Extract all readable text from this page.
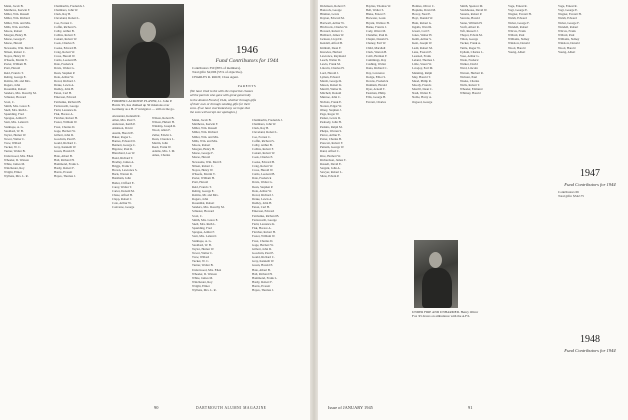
Mann, Jacob B.
Matthews, Kerwin F.
Miller, Wm. Russell
Miller, Wm. Richard
Miller, Wm. and Mrs.
Mills, Wm. and Mrs.
Moore, Robert
Morgan, Henry H.
Morse, George F.
Morse, Harold
Newsome, Wm. Mott P.
Nilsen, Robert C.
Noyes, Henry W.
O'Keefe, Martin V.
Porter, William H.
Pratt, Harold
Reid, Francis T.
Rehrig, George E.
Robins, Mr. and Mrs.
Rogers, John
Rosenthal, Robert
Sanders, Mrs. Dorothy M.
Schuster, Howard
Scott, C.
Smith, Mrs. Grace E.
Snell, Mrs. Ruth L.
Spaulding, Fred
Sprague, Arthur F.
Stair, Mrs. Leland J.
Stanhope, A. G.
Stoddard, W. B.
Taylor, Homer W.
Tower, Walter C.
Trow, Willard
Tucker, W. C.
Turner, Walter B.
Underwood, Mrs. Ellen
Wheeler, D. Watson
White, James M.
Winchester, Roy
Wright, Elmer
Wyllens, Mrs. L. R.
Chamberlin, Frederick J.
Chambers, John W.
Clark, Ray B.
Cleveland, Robert L.
Coe, Forrest C.
Coffin, Richard S.
Colby, Arthur B.
Collins, Robert F.
Conant, Robert W.
Cook, Charles E.
Cooke, Edward B.
Craig, Robert W.
Cross, Harold W.
Curtis, Leonard B.
Dale, Frederick
Davis, Walter G.
Dean, Stephen P.
Dole, Arthur W.
Dowd, Richard J.
Drake, Lewis A.
Dudley, John H.
Eaton, Carl H.
Emerson, Edward
Fairbanks, Richard B.
Farnsworth, George
Field, Laurence K.
Fisk, Horace A.
Fletcher, Robert H.
Foster, William W.
Frost, Charles D.
Gage, Herbert W.
Gilbert, John D.
Goodwin, Paul E.
Gould, Richard C.
Gray, Kenneth W.
Green, Harold E.
Hale, Albert B.
Hall, Richard H.
Hammond, Frank L.
Hardy, Robert F.
Harris, Everett
Hayes, Thomas J.
FORMER LACROSSE PLAYER, Lt. John P.
Harris '45, has chalked up 50 missions over
Germany as a B-17 navigator — still on the go.
Alexander, Kenneth R.
Allen, Mrs. Paul T.
Anderson, Keith P.
Atkinson, David
Austin, Harold E.
Baker, Roger L.
Barnes, Edward D.
Bennett, George C.
Bigelow, Paul R.
Blanchard, Lee W.
Bond, Richard T.
Bradley, James A.
Briggs, Frank T.
Brown, Lawrence S.
Buck, Warren R.
Burnham, John
Butler, Clifford E.
Carey, Walter T.
Carter, Donald M.
Chase, Alfred H.
Clapp, Robert J.
Cole, Arthur W.
Converse, George
1946
Fund Contributors for 1944
Contributors 350 (89% of members).
Total gifts: $2,006 (55% of objective).
CHARLES R. ROOT, Class Agent.
PARENTS
(We have tried to list with the respective classes
all the parents who gave with great generosity
to the Alumni Fund of 1944, whether through gifts
of their own or through sending gifts for their
sons. If we have overlooked any we hope that
the sons will accept our apologies.)
Wilson, Robert B.
Wilson, Hubert H.
Winship, Joseph R.
Wood, Allen F.
Zeller, Edwin L.
Dean, Clarence L.
Martin, John
Reed, Frank W.
Adams, Mrs. J. M.
Ames, Charles
Mann, Jacob B.
Matthews, Kerwin F.
Miller, Wm. Russell
Miller, Wm. Richard
Miller, Wm. and Mrs.
Mills, Wm. and Mrs.
Moore, Robert
Morgan, Henry H.
Morse, George F.
Morse, Harold
Newsome, Wm. Mott P.
Nilsen, Robert C.
Noyes, Henry W.
O'Keefe, Martin V.
Porter, William H.
Pratt, Harold
Reid, Francis T.
Rehrig, George E.
Robins, Mr. and Mrs.
Rogers, John
Rosenthal, Robert
Sanders, Mrs. Dorothy M.
Schuster, Howard
Scott, C.
Smith, Mrs. Grace E.
Snell, Mrs. Ruth L.
Spaulding, Fred
Sprague, Arthur F.
Stair, Mrs. Leland J.
Stanhope, A. G.
Stoddard, W. B.
Taylor, Homer W.
Tower, Walter C.
Trow, Willard
Tucker, W. C.
Turner, Walter B.
Underwood, Mrs. Ellen
Wheeler, D. Watson
White, James M.
Winchester, Roy
Wright, Elmer
Wyllens, Mrs. L. R.
Chamberlin, Frederick J.
Chambers, John W.
Clark, Ray B.
Cleveland, Robert L.
Coe, Forrest C.
Coffin, Richard S.
Colby, Arthur B.
Collins, Robert F.
Conant, Robert W.
Cook, Charles E.
Cooke, Edward B.
Craig, Robert W.
Cross, Harold W.
Curtis, Leonard B.
Dale, Frederick
Davis, Walter G.
Dean, Stephen P.
Dole, Arthur W.
Dowd, Richard J.
Drake, Lewis A.
Dudley, John H.
Eaton, Carl H.
Emerson, Edward
Fairbanks, Richard B.
Farnsworth, George
Field, Laurence K.
Fisk, Horace A.
Fletcher, Robert H.
Foster, William W.
Frost, Charles D.
Gage, Herbert W.
Gilbert, John D.
Goodwin, Paul E.
Gould, Richard C.
Gray, Kenneth W.
Green, Harold E.
Hale, Albert B.
Hall, Richard H.
Hammond, Frank L.
Hardy, Robert F.
Harris, Everett
Hayes, Thomas J.
90	DARTMOUTH ALUMNI MAGAZINE
Dickinson, Robert F.
Hancock, George
Hinman, Lewis
Dayton, Edward M.
Hartwell, Arthur W.
Hitchcock, Charles W.
Howard, Robert C.
Hubbard, James W.
Jackson, Lloyd R.
Kendall, Alfred B.
Kimball, Dean F.
Knowles, Herbert
Lawrence, Raymond
Leach, Walter D.
Lewis, Frank M.
Lincoln, Charles H.
Lord, Harold J.
Lyman, Edward
Marsh, George R.
Mason, Robert K.
Merrill, Walter R.
Mitchell, Donald
Munroe, John C.
Nichols, Frank E.
Norton, Edgar W.
Olney, Stephen J.
Page, Roger W.
Parker, Lewis D.
Peabody, John H.
Perkins, Ralph M.
Phelps, Warren S.
Pierce, Arthur E.
Potter, Charles B.
Prescott, Robert F.
Putnam, George W.
Rand, Alfred C.
Rice, Herbert W.
Richardson, James T.
Russell, David E.
Sargent, John A.
Sawyer, Robert L.
Shaw, Edwin P.
Baylies, Thomas W.
Bell, Walter S.
Blake, Ernest F.
Brewster, Louis
Bryant, Wallace H.
Burke, Francis J.
Cady, Oliver M.
Chandler, Paul R.
Chapin, Donald S.
Cheney, Earl W.
Child, Marshall
Clark, Warren B.
Cobb, Herman F.
Cummings, Ray
Cushing, Walter
Dana, Richard C.
Day, Lawrence
Dodge, Elliot S.
Downs, Frederick
Dunham, Harold
Dyer, Arnold T.
Eastman, Philip
Ellis, George H.
Everett, Charles
Holmes, Oliver C.
Hopkins, David M.
Hovey, Neal E.
Hoyt, Donald W.
Hunt, Robert G.
Ingalls, Ward R.
Jewett, Carl F.
Jones, Walter H.
Keith, Arthur S.
Kent, Joseph W.
Ladd, Robert M.
Lane, Everett E.
Learned, Frank
Leland, Thomas J.
Little, Stuart W.
Lovejoy, Earl M.
Manning, Ralph
May, Harold T.
Mead, Philip R.
Moody, Francis
Morrill, Dean C.
Nash, Walter E.
Noble, Harry A.
Osgood, George
UNDER FIRE AND UNHARMED. Henry Oliver
Fox '45 draws on ambulance with the A.F.S.
Smith, Spencer M.
Stackhouse, David W.
Stearns, Robert P.
Stevens, Harold
Stone, William H.
Swift, Albert R.
Taft, Russell J.
Thayer, Edwin M.
Tilton, George
Tucker, Frank A.
Tuttle, Roger W.
Upham, Charles L.
Vose, Arthur G.
Wade, Frederic
Walker, David
Ward, Lincoln
Warren, Herbert R.
Webster, Paul
Weeks, Charles
Wells, Robert T.
Wheeler, Edmund
Whitney, Harold
Voge, Ernest R.
Vogt, George E.
Wagner, Everett H.
Walsh, Edward
Weber, George F.
Wendell, Robert
Wilcox, Frank
Willard, Paul
Williams, Sidney
Winslow, Donald
Wood, Harold
Young, Albert
Voge, Ernest R.
Vogt, George E.
Wagner, Everett H.
Walsh, Edward
Weber, George F.
Wendell, Robert
Wilcox, Frank
Willard, Paul
Williams, Sidney
Winslow, Donald
Wood, Harold
Young, Albert
1947
Fund Contributors for 1944
Contributors 66
Total gifts: $342.75
1948
Fund Contributors for 1944
Issue of JANUARY 1945	91
